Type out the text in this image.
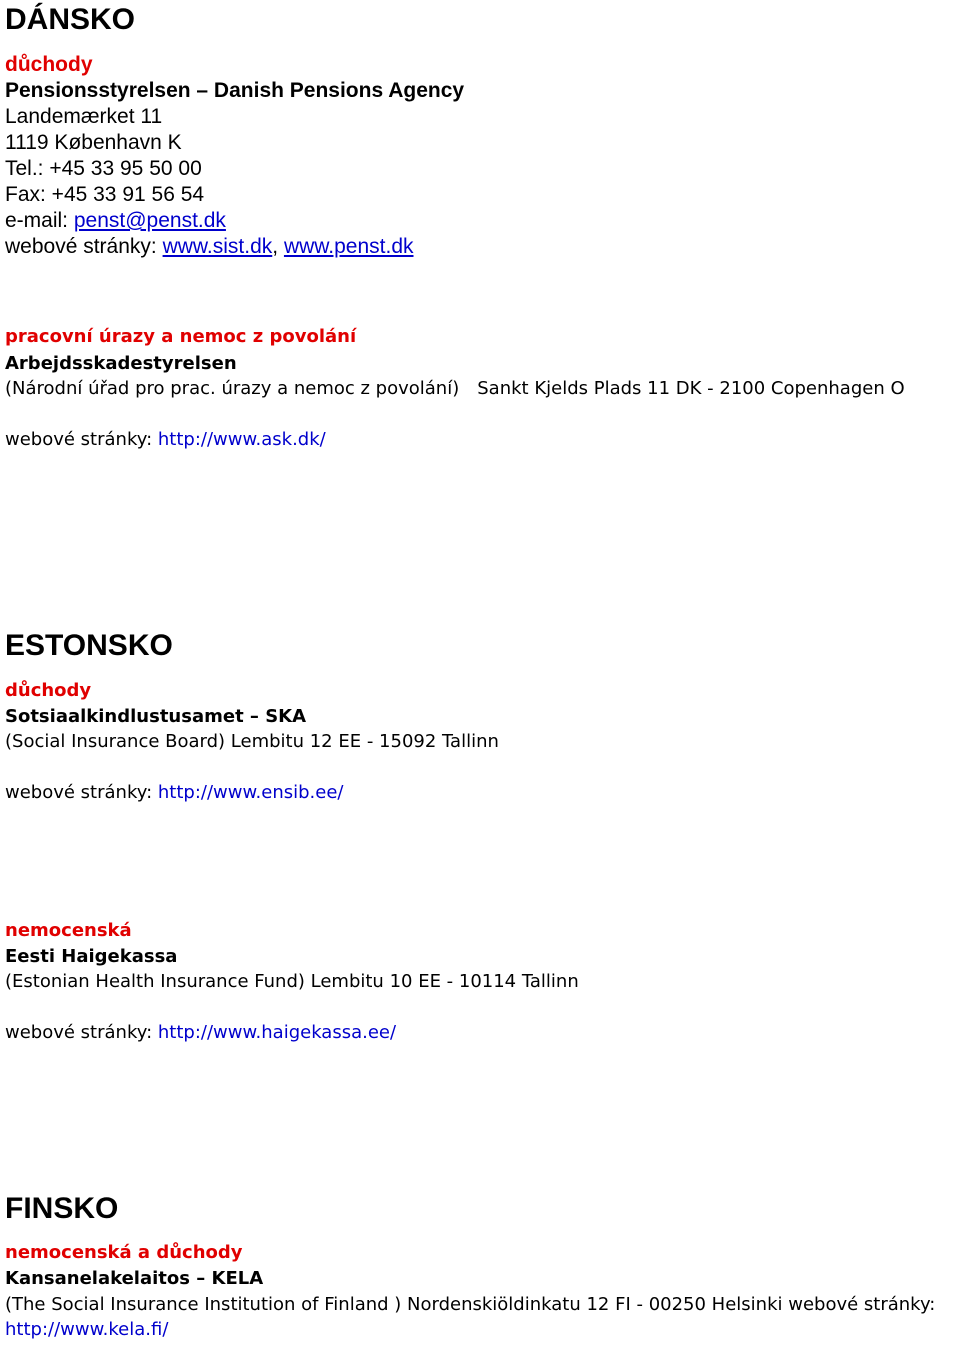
DÁNSKO
důchody
Pensionsstyrelsen – Danish Pensions Agency
Landemærket 11
1119 København K
Tel.: +45 33 95 50 00
Fax: +45 33 91 56 54
e-mail: penst@penst.dk
webové stránky: www.sist.dk, www.penst.dk
pracovní úrazy a nemoc z povolání
Arbejdsskadestyrelsen
(Národní úřad pro prac. úrazy a nemoc z povolání) Sankt Kjelds Plads 11 DK - 2100 Copenhagen O
webové stránky: http://www.ask.dk/
ESTONSKO
důchody
Sotsiaalkindlustusamet – SKA
(Social Insurance Board) Lembitu 12 EE - 15092 Tallinn
webové stránky: http://www.ensib.ee/
nemocenská
Eesti Haigekassa
(Estonian Health Insurance Fund) Lembitu 10 EE - 10114 Tallinn
webové stránky: http://www.haigekassa.ee/
FINSKO
nemocenská a důchody
Kansanelakelaitos – KELA
(The Social Insurance Institution of Finland ) Nordenskiöldinkatu 12 FI - 00250 Helsinki webové stránky:
http://www.kela.fi/
